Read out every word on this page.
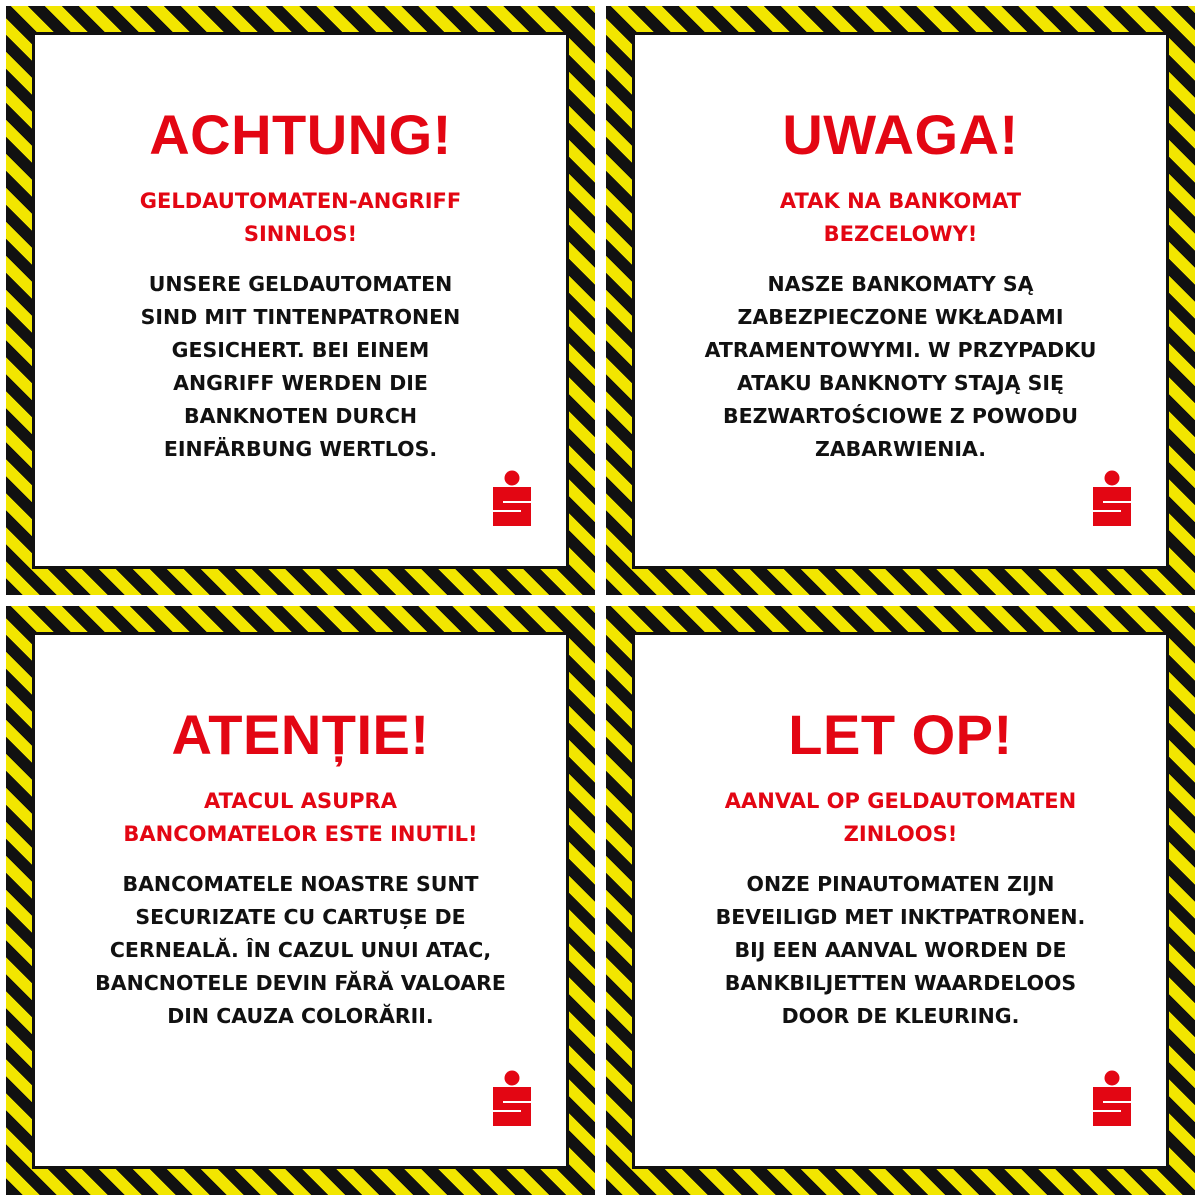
ACHTUNG!
GELDAUTOMATEN-ANGRIFF
SINNLOS!
UNSERE GELDAUTOMATEN
SIND MIT TINTENPATRONEN
GESICHERT. BEI EINEM
ANGRIFF WERDEN DIE
BANKNOTEN DURCH
EINFÄRBUNG WERTLOS.
UWAGA!
ATAK NA BANKOMAT
BEZCELOWY!
NASZE BANKOMATY SĄ
ZABEZPIECZONE WKŁADAMI
ATRAMENTOWYMI. W PRZYPADKU
ATAKU BANKNOTY STAJĄ SIĘ
BEZWARTOŚCIOWE Z POWODU
ZABARWIENIA.
ATENȚIE!
ATACUL ASUPRA
BANCOMATELOR ESTE INUTIL!
BANCOMATELE NOASTRE SUNT
SECURIZATE CU CARTUȘE DE
CERNEALĂ. ÎN CAZUL UNUI ATAC,
BANCNOTELE DEVIN FĂRĂ VALOARE
DIN CAUZA COLORĂRII.
LET OP!
AANVAL OP GELDAUTOMATEN
ZINLOOS!
ONZE PINAUTOMATEN ZIJN
BEVEILIGD MET INKTPATRONEN.
BIJ EEN AANVAL WORDEN DE
BANKBILJETTEN WAARDELOOS
DOOR DE KLEURING.
